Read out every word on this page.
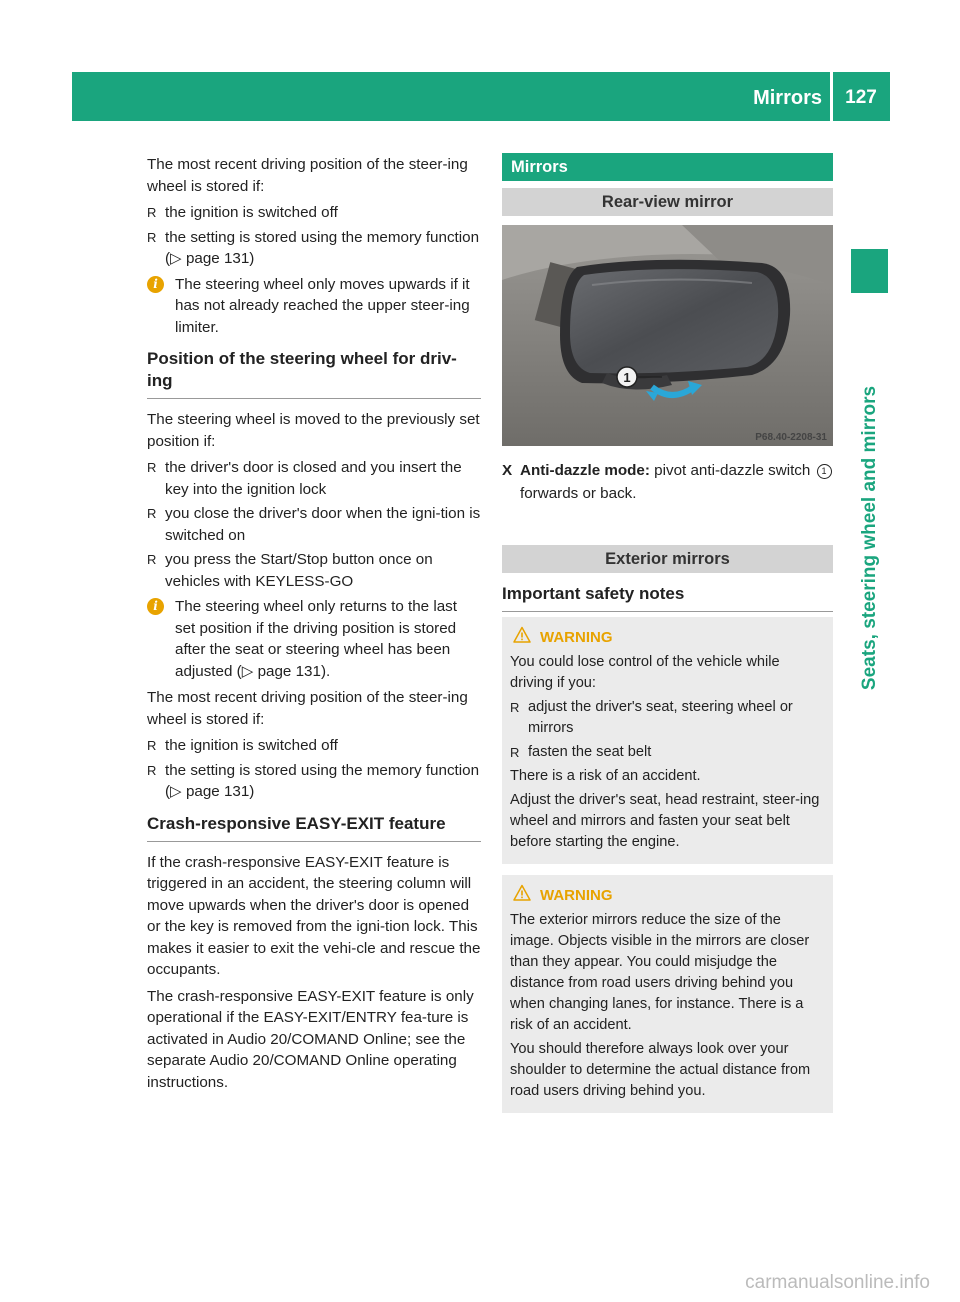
Mirrors 127
Seats, steering wheel and mirrors

The most recent driving position of the steer-ing wheel is stored if:

R the ignition is switched off
R the setting is stored using the memory function (▷ page 131)
i	The steering wheel only moves upwards if it has not already reached the upper steer-ing limiter.
Position of the steering wheel for driv-ing

The steering wheel is moved to the previously set position if:

R the driver's door is closed and you insert the key into the ignition lock
R you close the driver's door when the igni-tion is switched on
R you press the Start/Stop button once on vehicles with KEYLESS-GO
i	The steering wheel only returns to the last set position if the driving position is stored after the seat or steering wheel has been adjusted (▷ page 131).

The most recent driving position of the steer-ing wheel is stored if:

R the ignition is switched off
R the setting is stored using the memory function (▷ page 131)
Crash-responsive EASY-EXIT feature

If the crash-responsive EASY-EXIT feature is triggered in an accident, the steering column will move upwards when the driver's door is opened or the key is removed from the igni-tion lock. This makes it easier to exit the vehi-cle and rescue the occupants.

The crash-responsive EASY-EXIT feature is only operational if the EASY-EXIT/ENTRY fea-ture is activated in Audio 20/COMAND Online; see the separate Audio 20/COMAND Online operating instructions.

Mirrors
Rear-view mirror
1
P68.40-2208-31
X Anti-dazzle mode: pivot anti-dazzle switch 1 forwards or back.
Exterior mirrors
Important safety notes
WARNING

You could lose control of the vehicle while driving if you:

R adjust the driver's seat, steering wheel or mirrors
R fasten the seat belt

There is a risk of an accident.

Adjust the driver's seat, head restraint, steer-ing wheel and mirrors and fasten your seat belt before starting the engine.

WARNING

The exterior mirrors reduce the size of the image. Objects visible in the mirrors are closer than they appear. You could misjudge the distance from road users driving behind you when changing lanes, for instance. There is a risk of an accident.

You should therefore always look over your shoulder to determine the actual distance from road users driving behind you.

carmanualsonline.info
